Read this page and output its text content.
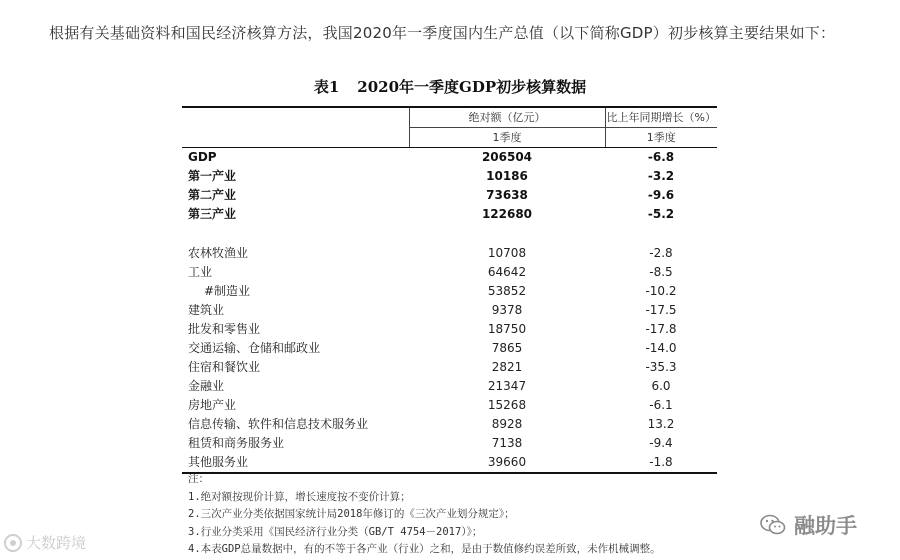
根据有关基础资料和国民经济核算方法，我国2020年一季度国内生产总值（以下简称GDP）初步核算主要结果如下：
表1 2020年一季度GDP初步核算数据
	绝对额（亿元）	比上年同期增长（%）
	1季度	1季度
GDP	206504	-6.8
第一产业	10186	-3.2
第二产业	73638	-9.6
第三产业	122680	-5.2

农林牧渔业	10708	-2.8
工业	64642	-8.5
#制造业	53852	-10.2
建筑业	9378	-17.5
批发和零售业	18750	-17.8
交通运输、仓储和邮政业	7865	-14.0
住宿和餐饮业	2821	-35.3
金融业	21347	6.0
房地产业	15268	-6.1
信息传输、软件和信息技术服务业	8928	13.2
租赁和商务服务业	7138	-9.4
其他服务业	39660	-1.8
注：
1.绝对额按现价计算，增长速度按不变价计算；
2.三次产业分类依据国家统计局2018年修订的《三次产业划分规定》；
3.行业分类采用《国民经济行业分类（GB/T 4754－2017）》；
4.本表GDP总量数据中，有的不等于各产业（行业）之和，是由于数值修约误差所致，未作机械调整。
大数跨境
融助手
